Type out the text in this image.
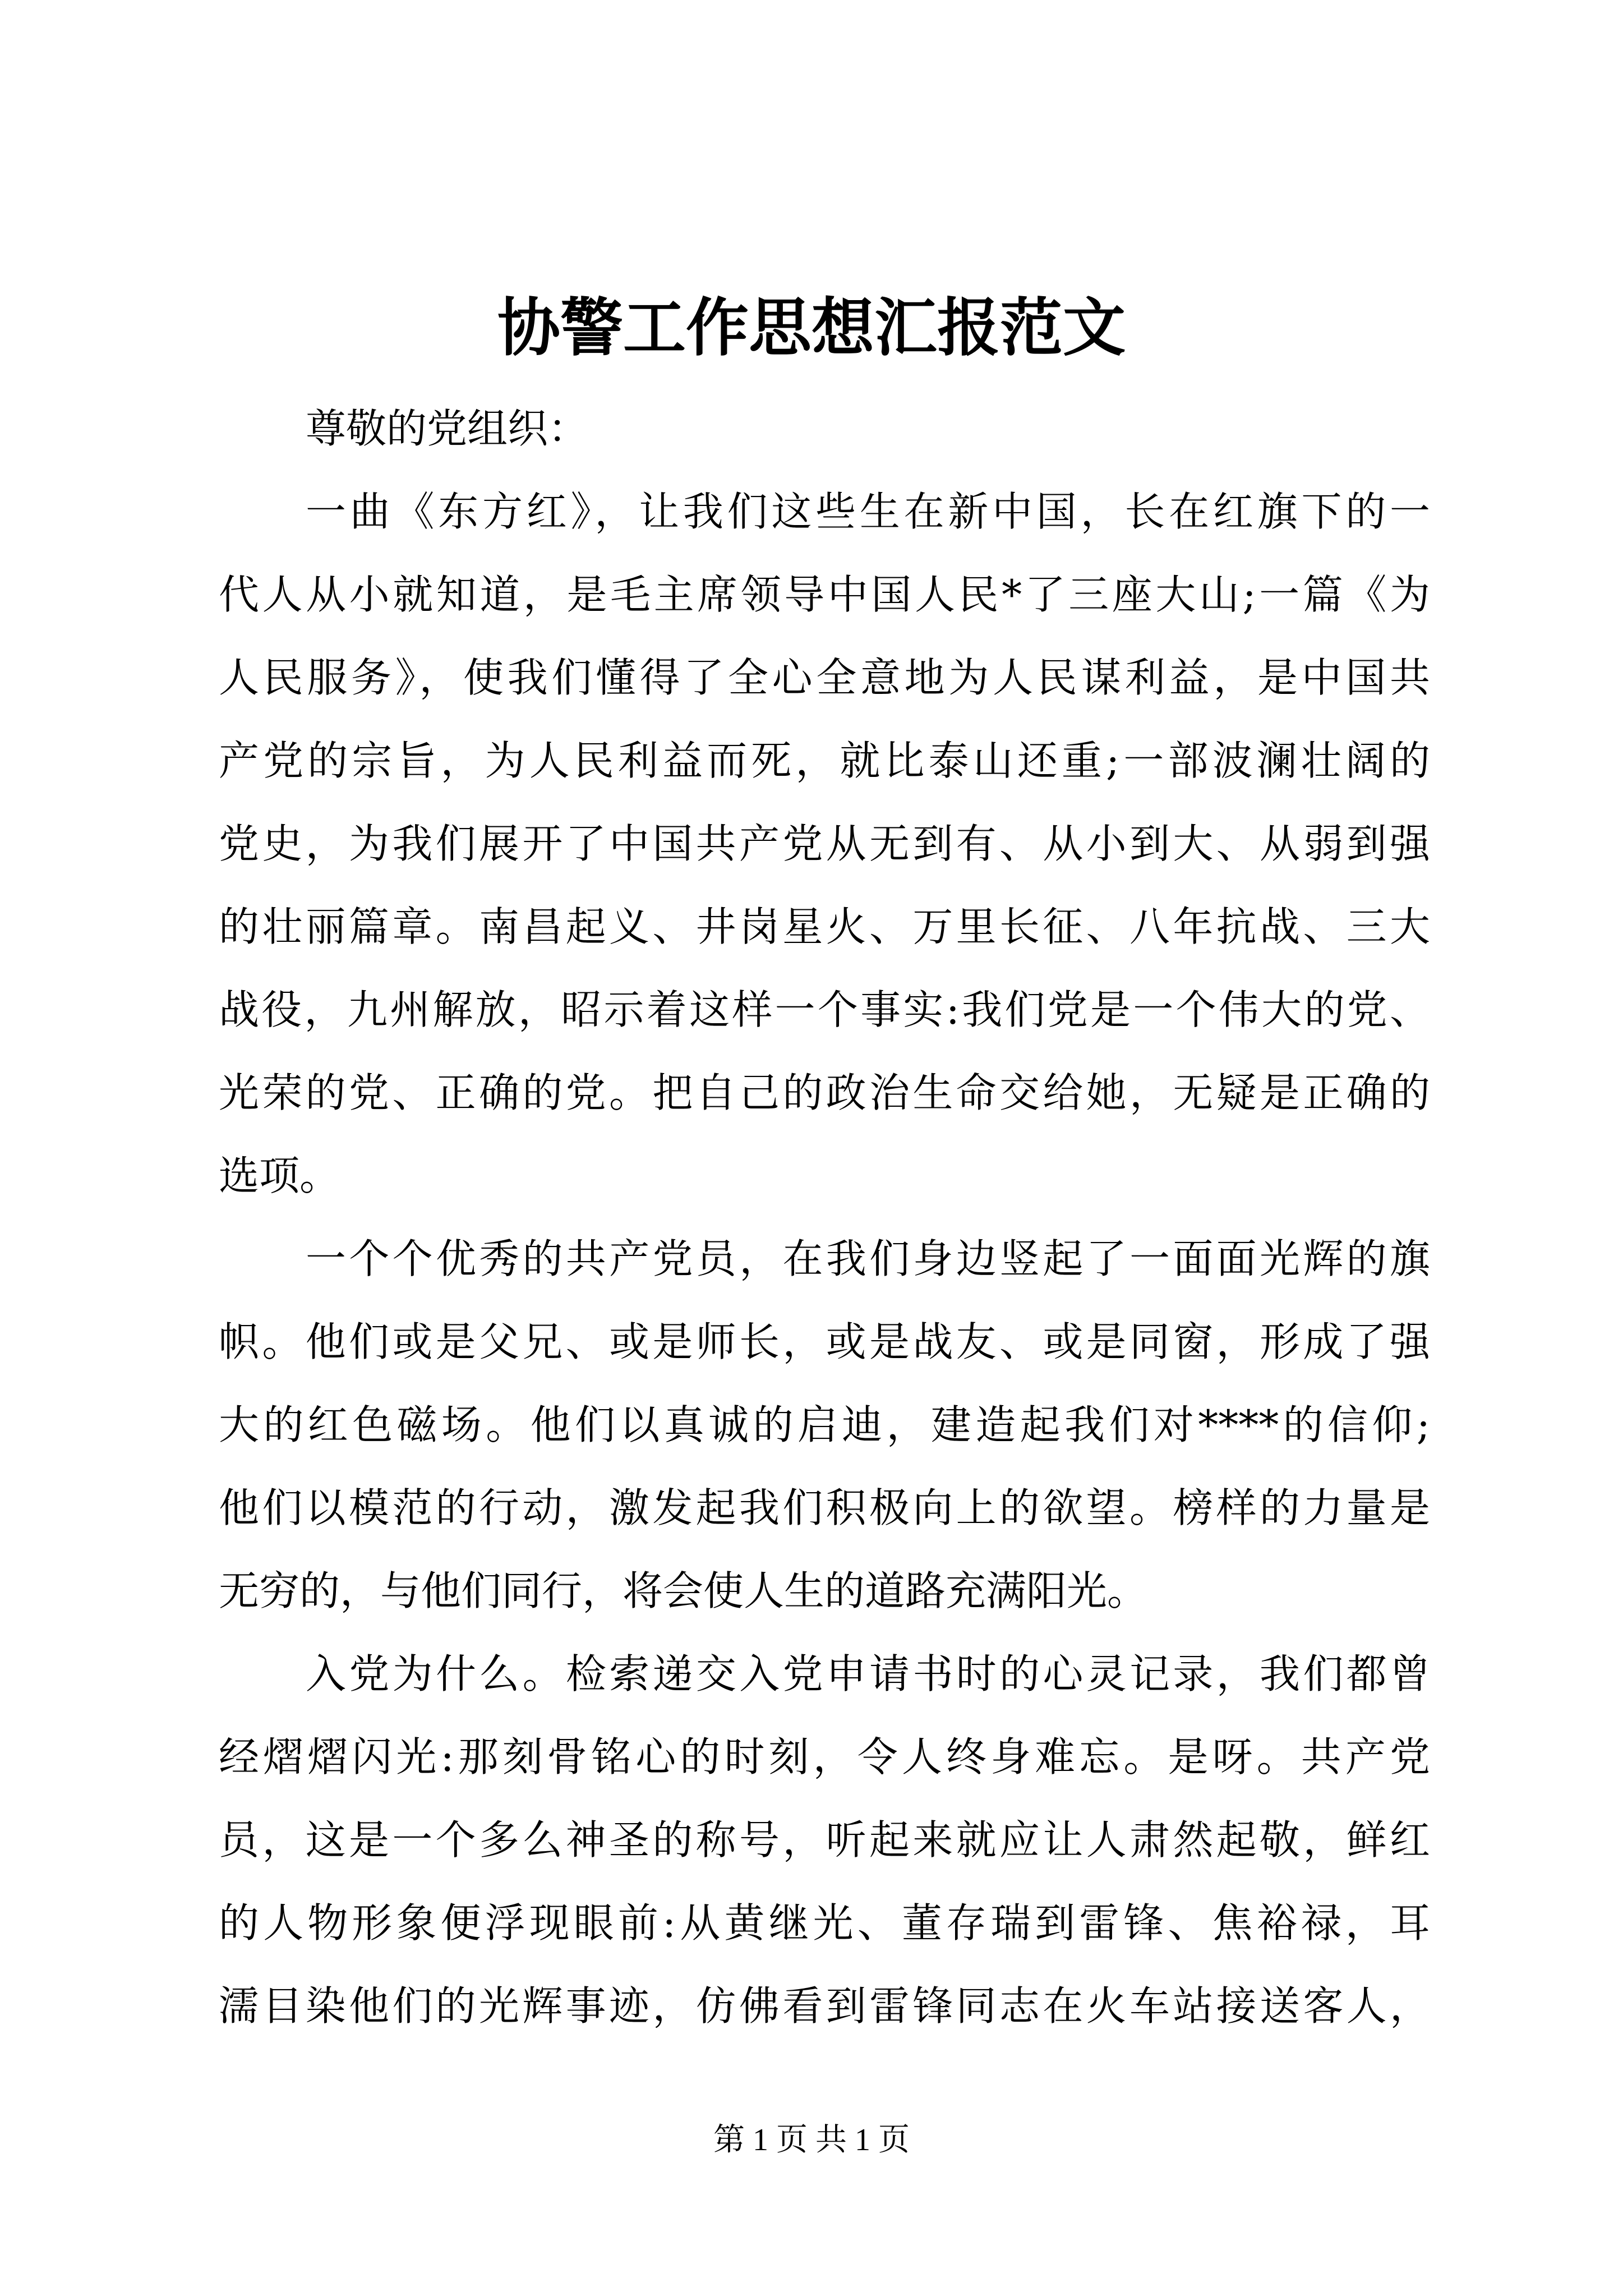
协警工作思想汇报范文
尊敬的党组织：
一曲《东方红》，让我们这些生在新中国，长在红旗下的一
代人从小就知道，是毛主席领导中国人民*了三座大山;一篇《为
人民服务》，使我们懂得了全心全意地为人民谋利益，是中国共
产党的宗旨，为人民利益而死，就比泰山还重;一部波澜壮阔的
党史，为我们展开了中国共产党从无到有、从小到大、从弱到强
的壮丽篇章。南昌起义、井岗星火、万里长征、八年抗战、三大
战役，九州解放，昭示着这样一个事实:我们党是一个伟大的党、
光荣的党、正确的党。把自己的政治生命交给她，无疑是正确的
选项。
一个个优秀的共产党员，在我们身边竖起了一面面光辉的旗
帜。他们或是父兄、或是师长，或是战友、或是同窗，形成了强
大的红色磁场。他们以真诚的启迪，建造起我们对****的信仰;
他们以模范的行动，激发起我们积极向上的欲望。榜样的力量是
无穷的，与他们同行，将会使人生的道路充满阳光。
入党为什么。检索递交入党申请书时的心灵记录，我们都曾
经熠熠闪光:那刻骨铭心的时刻，令人终身难忘。是呀。共产党
员，这是一个多么神圣的称号，听起来就应让人肃然起敬，鲜红
的人物形象便浮现眼前:从黄继光、董存瑞到雷锋、焦裕禄，耳
濡目染他们的光辉事迹，仿佛看到雷锋同志在火车站接送客人，
第 1 页 共 1 页
